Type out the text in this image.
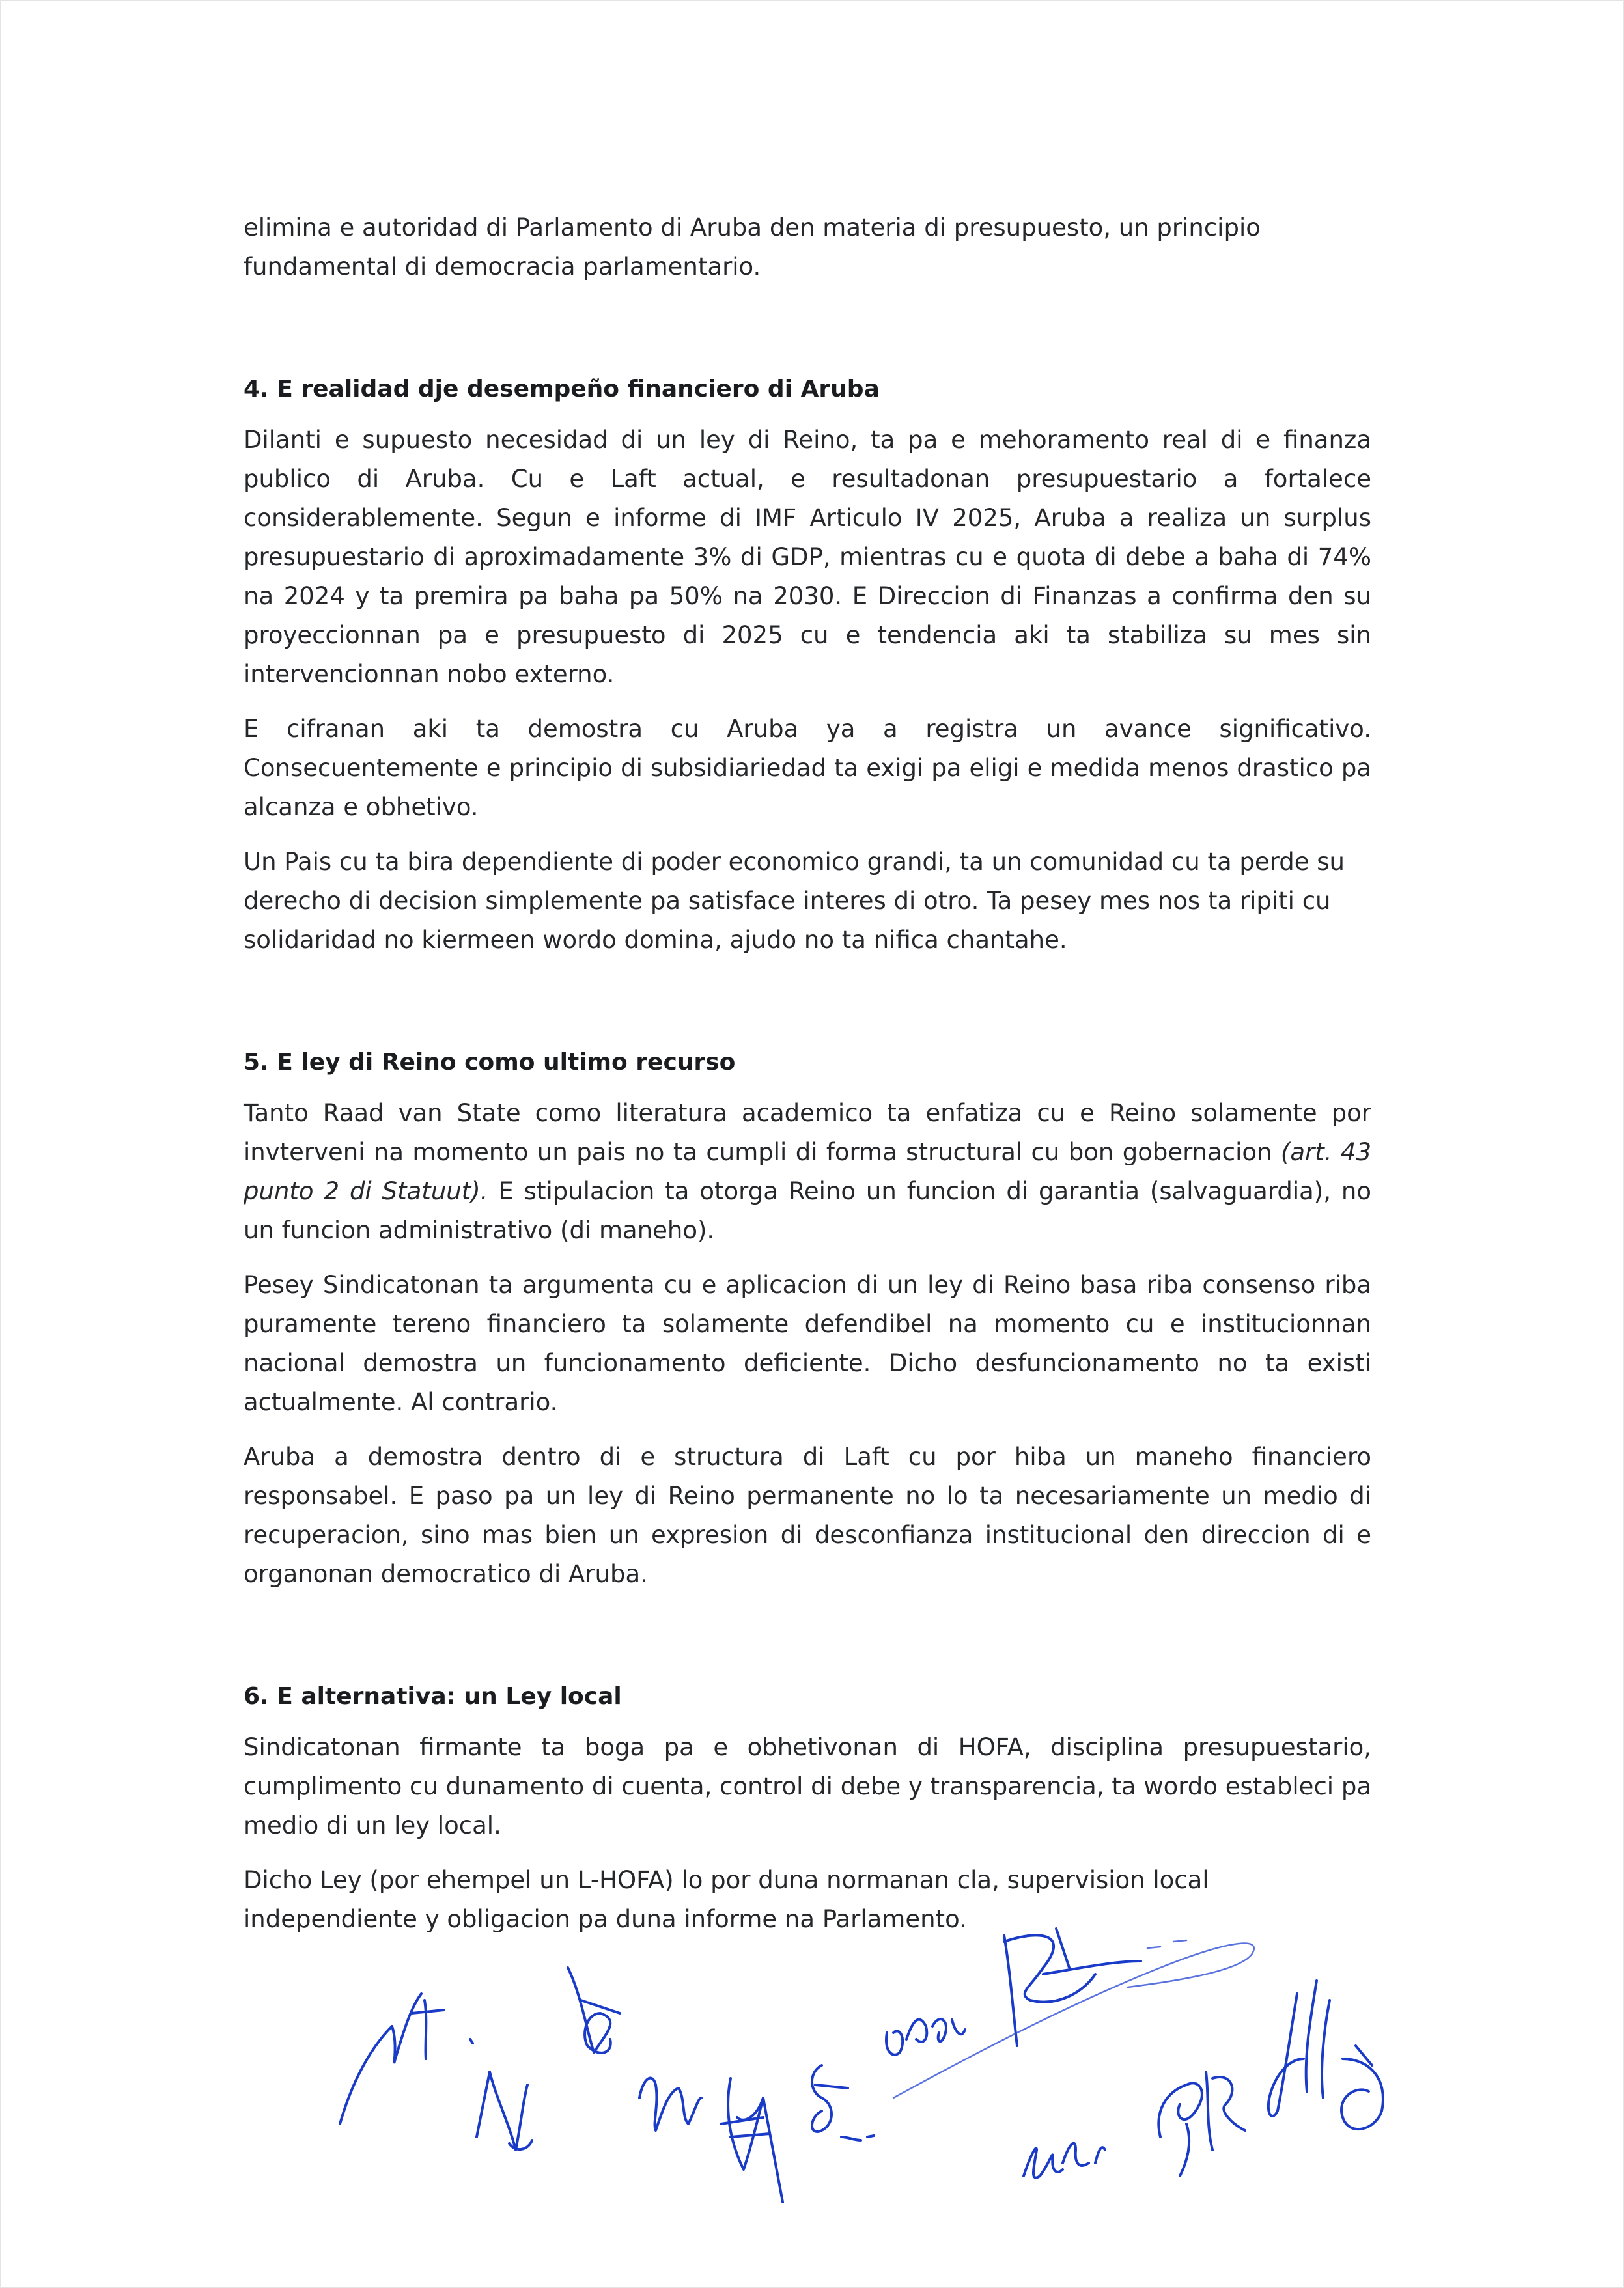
elimina e autoridad di Parlamento di Aruba den materia di presupuesto, un principio fundamental di democracia parlamentario.

4. E realidad dje desempeño financiero di Aruba

Dilanti e supuesto necesidad di un ley di Reino, ta pa e mehoramento real di e finanza publico di Aruba. Cu e Laft actual, e resultadonan presupuestario a fortalece considerablemente. Segun e informe di IMF Articulo IV 2025, Aruba a realiza un surplus presupuestario di aproximadamente 3% di GDP, mientras cu e quota di debe a baha di 74% na 2024 y ta premira pa baha pa 50% na 2030. E Direccion di Finanzas a confirma den su proyeccionnan pa e presupuesto di 2025 cu e tendencia aki ta stabiliza su mes sin intervencionnan nobo externo.

E cifranan aki ta demostra cu Aruba ya a registra un avance significativo. Consecuentemente e principio di subsidiariedad ta exigi pa eligi e medida menos drastico pa alcanza e obhetivo.

Un Pais cu ta bira dependiente di poder economico grandi, ta un comunidad cu ta perde su derecho di decision simplemente pa satisface interes di otro. Ta pesey mes nos ta ripiti cu solidaridad no kiermeen wordo domina, ajudo no ta nifica chantahe.

5. E ley di Reino como ultimo recurso

Tanto Raad van State como literatura academico ta enfatiza cu e Reino solamente por invterveni na momento un pais no ta cumpli di forma structural cu bon gobernacion (art. 43 punto 2 di Statuut). E stipulacion ta otorga Reino un funcion di garantia (salvaguardia), no un funcion administrativo (di maneho).

Pesey Sindicatonan ta argumenta cu e aplicacion di un ley di Reino basa riba consenso riba puramente tereno financiero ta solamente defendibel na momento cu e institucionnan nacional demostra un funcionamento deficiente. Dicho desfuncionamento no ta existi actualmente. Al contrario.

Aruba a demostra dentro di e structura di Laft cu por hiba un maneho financiero responsabel. E paso pa un ley di Reino permanente no lo ta necesariamente un medio di recuperacion, sino mas bien un expresion di desconfianza institucional den direccion di e organonan democratico di Aruba.

6. E alternativa: un Ley local

Sindicatonan firmante ta boga pa e obhetivonan di HOFA, disciplina presupuestario, cumplimento cu dunamento di cuenta, control di debe y transparencia, ta wordo estableci pa medio di un ley local.

Dicho Ley (por ehempel un L-HOFA) lo por duna normanan cla, supervision local independiente y obligacion pa duna informe na Parlamento.
